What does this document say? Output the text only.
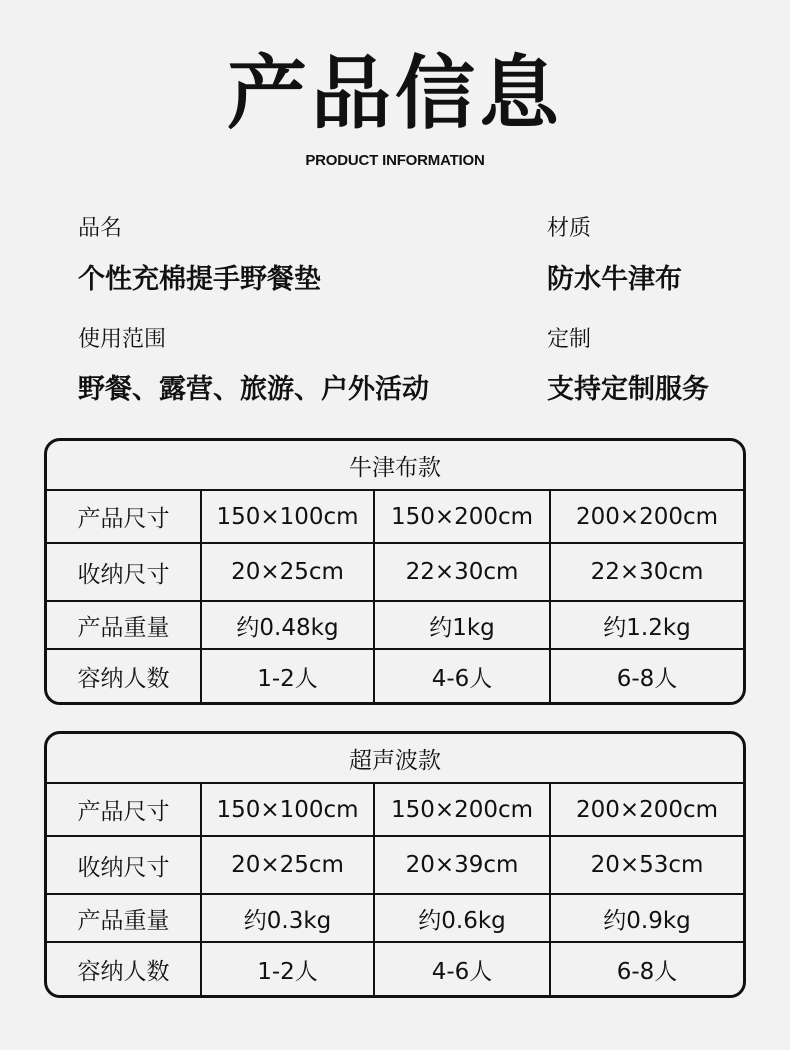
产品信息
PRODUCT INFORMATION
品名
个性充棉提手野餐垫
材质
防水牛津布
使用范围
野餐、露营、旅游、户外活动
定制
支持定制服务
牛津布款			
产品尺寸	150×100cm	150×200cm	200×200cm
收纳尺寸	20×25cm	22×30cm	22×30cm
产品重量	约0.48kg	约1kg	约1.2kg
容纳人数	1-2人	4-6人	6-8人
超声波款			
产品尺寸	150×100cm	150×200cm	200×200cm
收纳尺寸	20×25cm	20×39cm	20×53cm
产品重量	约0.3kg	约0.6kg	约0.9kg
容纳人数	1-2人	4-6人	6-8人
